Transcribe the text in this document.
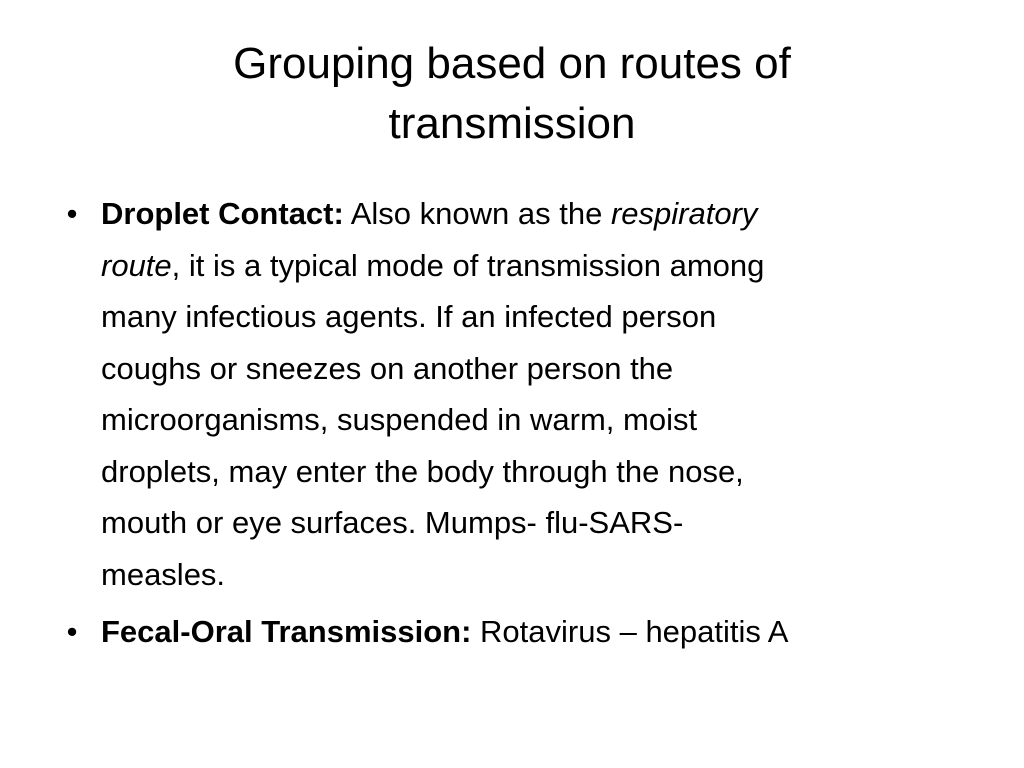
Grouping based on routes of
transmission
•
Droplet Contact: Also known as the respiratory
route, it is a typical mode of transmission among
many infectious agents. If an infected person
coughs or sneezes on another person the
microorganisms, suspended in warm, moist
droplets, may enter the body through the nose,
mouth or eye surfaces. Mumps- flu-SARS-
measles.
•
Fecal-Oral Transmission: Rotavirus – hepatitis A
